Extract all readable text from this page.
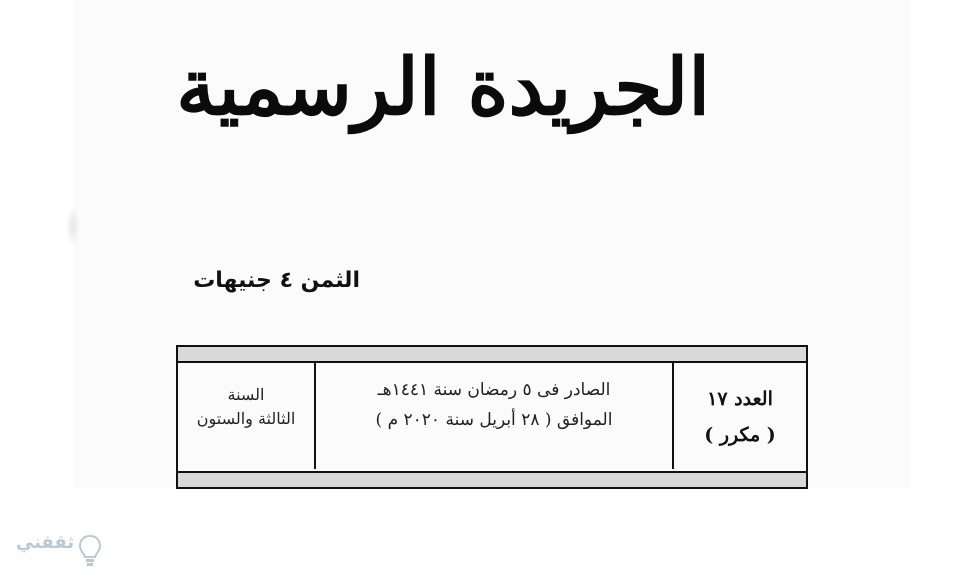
الجريدة الرسمية
الثمن ٤ جنيهات
السنة
الثالثة والستون
الصادر فى ٥ رمضان سنة ١٤٤١هـ
الموافق ( ٢٨ أبريل سنة ٢٠٢٠ م )
العدد ١٧
( مكرر )
ثقفني
